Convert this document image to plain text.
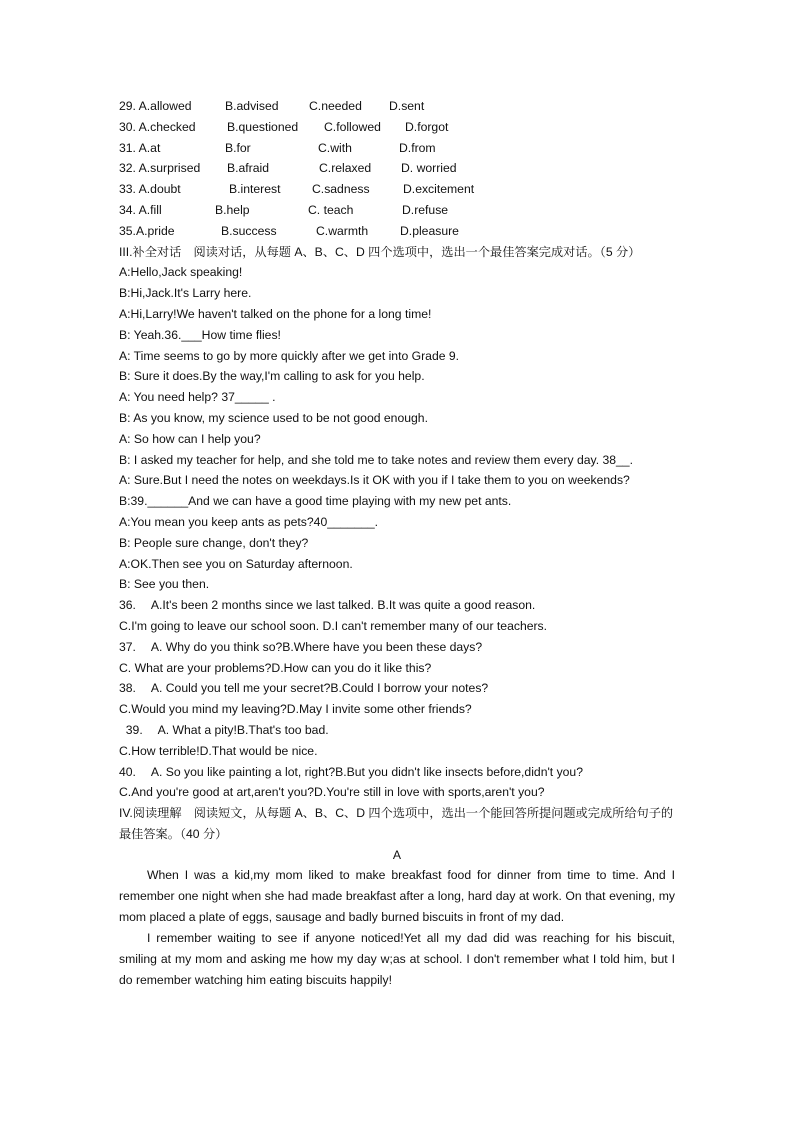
29. A.allowed	B.advised C.needed D.sent
30. A.checked	B.questioned C.followed D.forgot
31. A.at	B.for	C.with	D.from
32. A.surprised B.afraid	C.relaxed D. worried
33. A.doubt	B.interest	C.sadness	D.excitement
34. A.fill	B.help	C. teach	D.refuse
35.A.pride	B.success	C.warmth	D.pleasure
III.补全对话　阅读对话，从每题 A、B、C、D 四个选项中，选出一个最佳答案完成对话。（5 分）
A:Hello,Jack speaking!
B:Hi,Jack.It's Larry here.
A:Hi,Larry!We haven't talked on the phone for a long time!
B: Yeah.36.___How time flies!
A: Time seems to go by more quickly after we get into Grade 9.
B: Sure it does.By the way,I'm calling to ask for you help.
A: You need help? 37_____ .
B: As you know, my science used to be not good enough.
A: So how can I help you?
B: I asked my teacher for help, and she told me to take notes and review them every day. 38__.
A: Sure.But I need the notes on weekdays.Is it OK with you if I take them to you on weekends?
B:39.______And we can have a good time playing with my new pet ants.
A:You mean you keep ants as pets?40_______.
B: People sure change, don't they?
A:OK.Then see you on Saturday afternoon.
B: See you then.
36.　 A.It's been 2 months since we last talked. B.It was quite a good reason.
C.I'm going to leave our school soon. D.I can't remember many of our teachers.
37.　 A. Why do you think so?B.Where have you been these days?
C. What are your problems?D.How can you do it like this?
38.　 A. Could you tell me your secret?B.Could I borrow your notes?
C.Would you mind my leaving?D.May I invite some other friends?
39.　 A. What a pity!B.That's too bad.
C.How terrible!D.That would be nice.
40.　 A. So you like painting a lot, right?B.But you didn't like insects before,didn't you?
C.And you're good at art,aren't you?D.You're still in love with sports,aren't you?
IV.阅读理解　阅读短文，从每题 A、B、C、D 四个选项中，选出一个能回答所提问题或完成所给句子的最佳答案。（40 分）
A
When I was a kid,my mom liked to make breakfast food for dinner from time to time. And I remember one night when she had made breakfast after a long, hard day at work. On that evening, my mom placed a plate of eggs, sausage and badly burned biscuits in front of my dad.
I remember waiting to see if anyone noticed!Yet all my dad did was reaching for his biscuit, smiling at my mom and asking me how my day w;as at school. I don't remember what I told him, but I do remember watching him eating biscuits happily!
